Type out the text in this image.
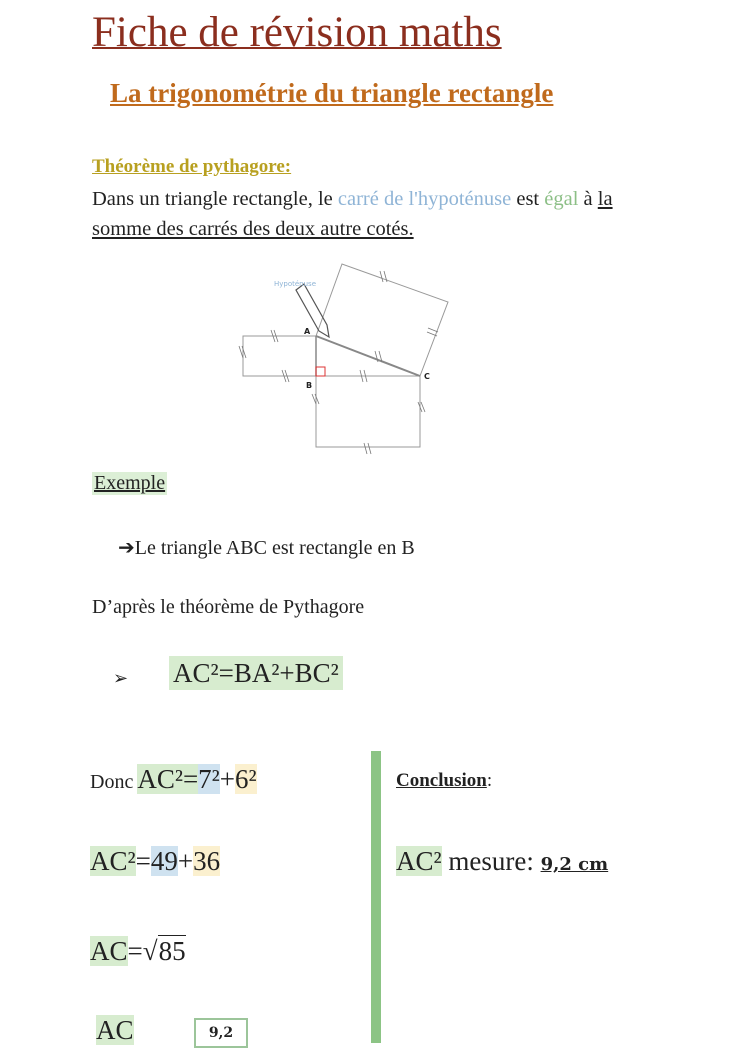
Fiche de révision maths
La trigonométrie du triangle rectangle
Théorème de pythagore:
Dans un triangle rectangle, le carré de l'hypoténuse est égal à la somme des carrés des deux autre cotés.
Hypoténuse
A
B
C
Exemple
➔Le triangle ABC est rectangle en B
D’après le théorème de Pythagore
➢ AC²=BA²+BC²
Donc AC²=7²+6²
AC²=49+36
AC=√85
AC	9,2
Conclusion:
AC² mesure: 9,2 cm
